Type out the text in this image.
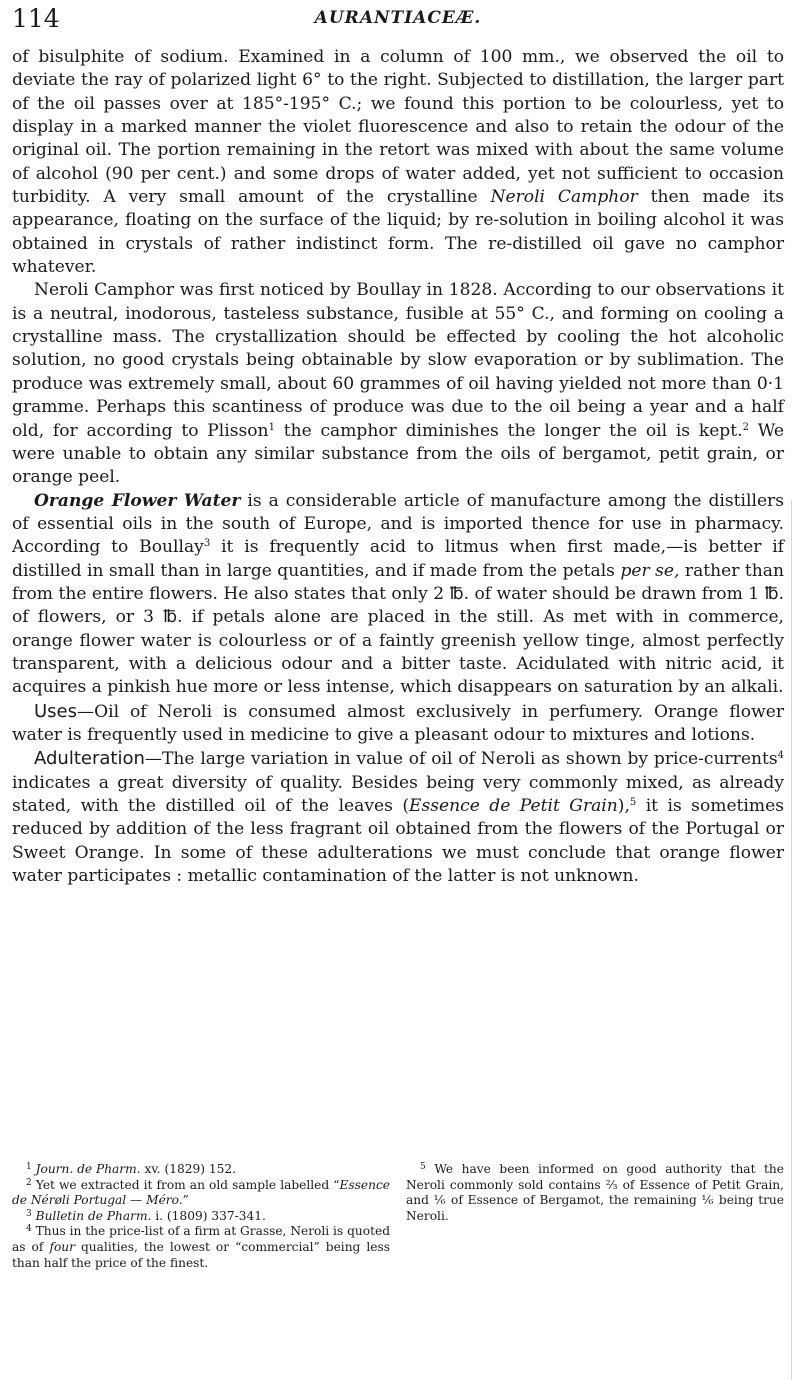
114	AURANTIACEÆ.

of bisulphite of sodium. Examined in a column of 100 mm., we observed the oil to deviate the ray of polarized light 6° to the right. Subjected to distillation, the larger part of the oil passes over at 185°-195° C.; we found this portion to be colourless, yet to display in a marked manner the violet fluorescence and also to retain the odour of the original oil. The portion remaining in the retort was mixed with about the same volume of alcohol (90 per cent.) and some drops of water added, yet not sufficient to occasion turbidity. A very small amount of the crystalline Neroli Camphor then made its appearance, floating on the surface of the liquid; by re-solution in boiling alcohol it was obtained in crystals of rather indistinct form. The re-distilled oil gave no camphor whatever.

Neroli Camphor was first noticed by Boullay in 1828. According to our observations it is a neutral, inodorous, tasteless substance, fusible at 55° C., and forming on cooling a crystalline mass. The crystallization should be effected by cooling the hot alcoholic solution, no good crystals being obtainable by slow evaporation or by sublimation. The produce was extremely small, about 60 grammes of oil having yielded not more than 0·1 gramme. Perhaps this scantiness of produce was due to the oil being a year and a half old, for according to Plisson$^1$ the camphor diminishes the longer the oil is kept.$^2$ We were unable to obtain any similar substance from the oils of bergamot, petit grain, or orange peel.

Orange Flower Water is a considerable article of manufacture among the distillers of essential oils in the south of Europe, and is imported thence for use in pharmacy. According to Boullay$^3$ it is frequently acid to litmus when first made,—is better if distilled in small than in large quantities, and if made from the petals per se, rather than from the entire flowers. He also states that only 2 ℔. of water should be drawn from 1 ℔. of flowers, or 3 ℔. if petals alone are placed in the still. As met with in commerce, orange flower water is colourless or of a faintly greenish yellow tinge, almost perfectly transparent, with a delicious odour and a bitter taste. Acidulated with nitric acid, it acquires a pinkish hue more or less intense, which disappears on saturation by an alkali.

Uses—Oil of Neroli is consumed almost exclusively in perfumery. Orange flower water is frequently used in medicine to give a pleasant odour to mixtures and lotions.

Adulteration—The large variation in value of oil of Neroli as shown by price-currents$^4$ indicates a great diversity of quality. Besides being very commonly mixed, as already stated, with the distilled oil of the leaves (Essence de Petit Grain),$^5$ it is sometimes reduced by addition of the less fragrant oil obtained from the flowers of the Portugal or Sweet Orange. In some of these adulterations we must conclude that orange flower water participates : metallic contamination of the latter is not unknown.

$^1$ Journ. de Pharm. xv. (1829) 152.

$^2$ Yet we extracted it from an old sample labelled “Essence de Nérøli Portugal — Méro.”

$^3$ Bulletin de Pharm. i. (1809) 337-341.

$^4$ Thus in the price-list of a firm at Grasse, Neroli is quoted as of four qualities, the lowest or “commercial” being less than half the price of the finest.

$^5$ We have been informed on good authority that the Neroli commonly sold contains ⅔ of Essence of Petit Grain, and ⅙ of Essence of Bergamot, the remaining ⅙ being true Neroli.
